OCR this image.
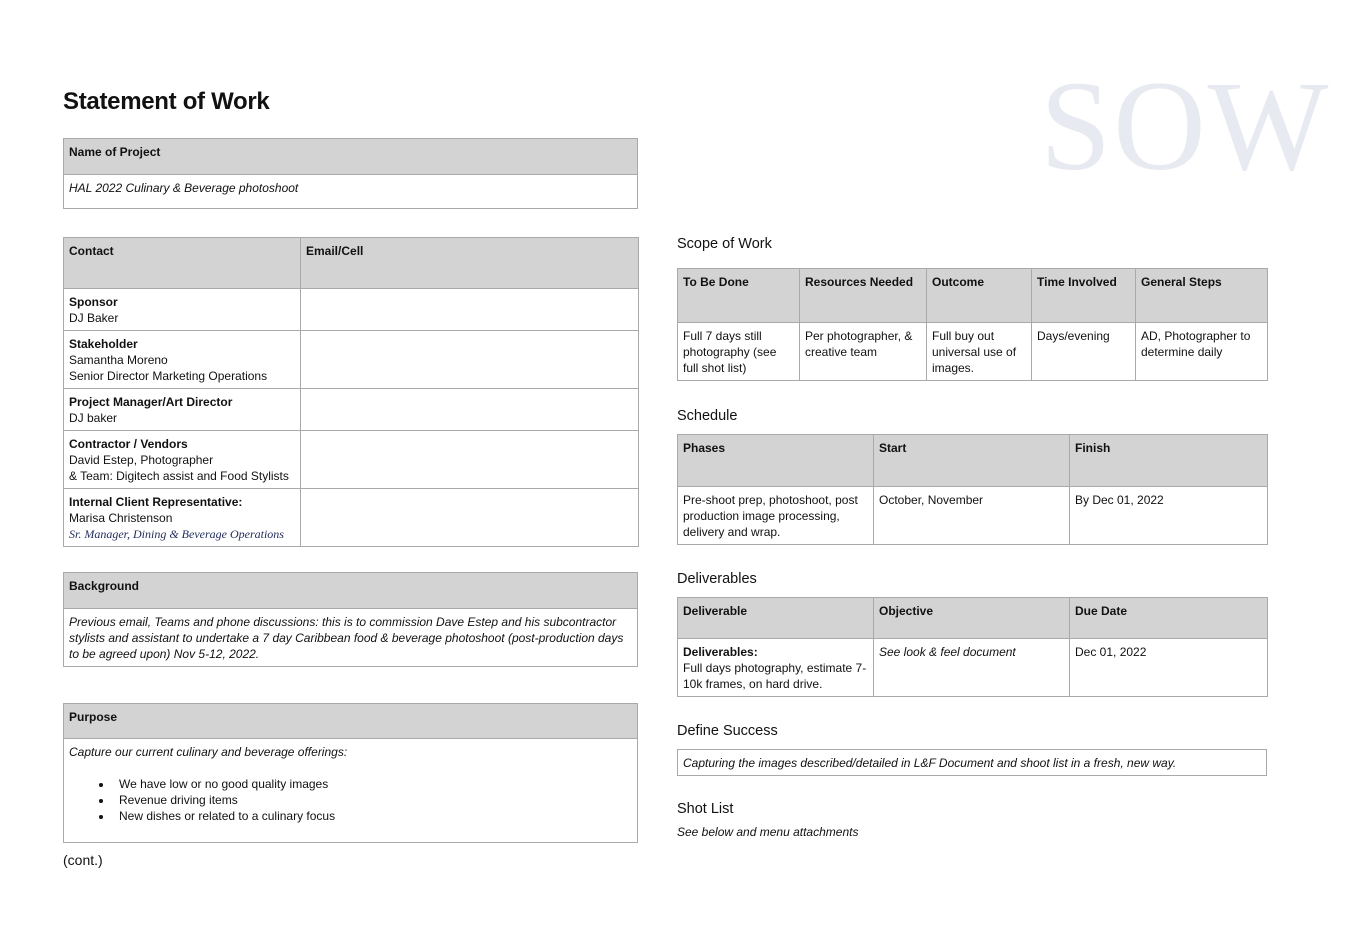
SOW
Statement of Work
Name of Project
HAL 2022 Culinary & Beverage photoshoot
Contact	Email/Cell

Sponsor
DJ Baker	

Stakeholder
Samantha Moreno
Senior Director Marketing Operations	

Project Manager/Art Director
DJ baker	

Contractor / Vendors
David Estep, Photographer
& Team: Digitech assist and Food Stylists	

Internal Client Representative:
Marisa Christenson
Sr. Manager, Dining & Beverage Operations	

Background
Previous email, Teams and phone discussions: this is to commission Dave Estep and his subcontractor stylists and assistant to undertake a 7 day Caribbean food & beverage photoshoot (post-production days to be agreed upon) Nov 5-12, 2022.
Purpose

Capture our current culinary and beverage offerings:
• We have low or no good quality images
• Revenue driving items
• New dishes or related to a culinary focus
(cont.)
Scope of Work
To Be Done	Resources Needed	Outcome	Time Involved	General Steps
Full 7 days still photography (see full shot list)	Per photographer, & creative team	Full buy out universal use of images.	Days/evening	AD, Photographer to determine daily
Schedule
Phases	Start	Finish
Pre-shoot prep, photoshoot, post production image processing, delivery and wrap.	October, November	By Dec 01, 2022
Deliverables
Deliverable	Objective	Due Date

Deliverables:
Full days photography, estimate 7-10k frames, on hard drive.	See look & feel document	Dec 01, 2022
Define Success
Capturing the images described/detailed in L&F Document and shoot list in a fresh, new way.
Shot List
See below and menu attachments
